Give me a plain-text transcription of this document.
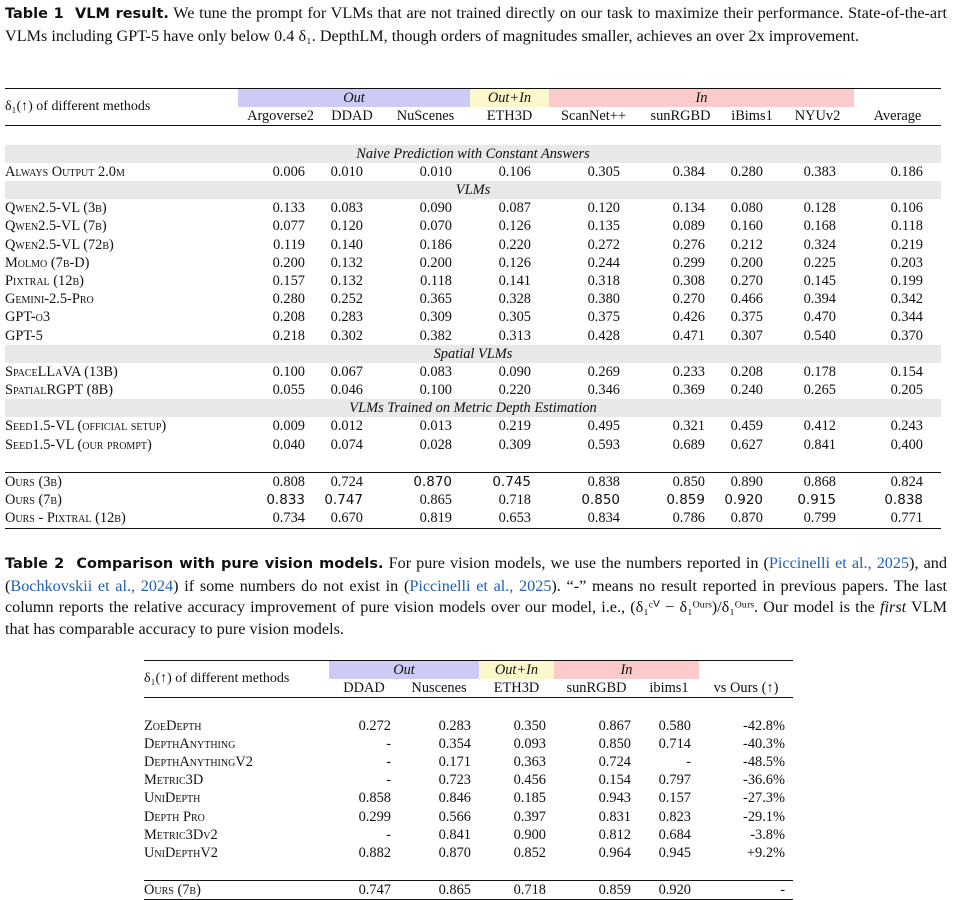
Table 1 VLM result. We tune the prompt for VLMs that are not trained directly on our task to maximize their performance. State-of-the-art VLMs including GPT-5 have only below 0.4 δ₁. DepthLM, though orders of magnitudes smaller, achieves an over 2x improvement.
δ₁(↑) of different methods	Out			Out+In	In				
	Argoverse2	DDAD	NuScenes	ETH3D	ScanNet++	sunRGBD	iBims1	NYUv2	Average

Naive Prediction with Constant Answers									
Always Output 2.0m	0.006	0.010	0.010	0.106	0.305	0.384	0.280	0.383	0.186
VLMs									
Qwen2.5-VL (3b)	0.133	0.083	0.090	0.087	0.120	0.134	0.080	0.128	0.106
Qwen2.5-VL (7b)	0.077	0.120	0.070	0.126	0.135	0.089	0.160	0.168	0.118
Qwen2.5-VL (72b)	0.119	0.140	0.186	0.220	0.272	0.276	0.212	0.324	0.219
Molmo (7b-D)	0.200	0.132	0.200	0.126	0.244	0.299	0.200	0.225	0.203
Pixtral (12b)	0.157	0.132	0.118	0.141	0.318	0.308	0.270	0.145	0.199
Gemini-2.5-Pro	0.280	0.252	0.365	0.328	0.380	0.270	0.466	0.394	0.342
GPT-o3	0.208	0.283	0.309	0.305	0.375	0.426	0.375	0.470	0.344
GPT-5	0.218	0.302	0.382	0.313	0.428	0.471	0.307	0.540	0.370
Spatial VLMs									
SpaceLLaVA (13B)	0.100	0.067	0.083	0.090	0.269	0.233	0.208	0.178	0.154
SpatialRGPT (8B)	0.055	0.046	0.100	0.220	0.346	0.369	0.240	0.265	0.205
VLMs Trained on Metric Depth Estimation									
Seed1.5-VL (official setup)	0.009	0.012	0.013	0.219	0.495	0.321	0.459	0.412	0.243
Seed1.5-VL (our prompt)	0.040	0.074	0.028	0.309	0.593	0.689	0.627	0.841	0.400

Ours (3b)	0.808	0.724	0.870	0.745	0.838	0.850	0.890	0.868	0.824
Ours (7b)	0.833	0.747	0.865	0.718	0.850	0.859	0.920	0.915	0.838
Ours - Pixtral (12b)	0.734	0.670	0.819	0.653	0.834	0.786	0.870	0.799	0.771
Table 2 Comparison with pure vision models. For pure vision models, we use the numbers reported in (Piccinelli et al., 2025), and (Bochkovskii et al., 2024) if some numbers do not exist in (Piccinelli et al., 2025). “-” means no result reported in previous papers. The last column reports the relative accuracy improvement of pure vision models over our model, i.e., (δ₁ᶜⱽ − δ₁ᴼᵘʳˢ)/δ₁ᴼᵘʳˢ. Our model is the first VLM that has comparable accuracy to pure vision models.
δ₁(↑) of different methods	Out		Out+In	In		
	DDAD	Nuscenes	ETH3D	sunRGBD	ibims1	vs Ours (↑)

ZoeDepth	0.272	0.283	0.350	0.867	0.580	-42.8%
DepthAnything	-	0.354	0.093	0.850	0.714	-40.3%
DepthAnythingV2	-	0.171	0.363	0.724	-	-48.5%
Metric3D	-	0.723	0.456	0.154	0.797	-36.6%
UniDepth	0.858	0.846	0.185	0.943	0.157	-27.3%
Depth Pro	0.299	0.566	0.397	0.831	0.823	-29.1%
Metric3Dv2	-	0.841	0.900	0.812	0.684	-3.8%
UniDepthV2	0.882	0.870	0.852	0.964	0.945	+9.2%

Ours (7b)	0.747	0.865	0.718	0.859	0.920	-
